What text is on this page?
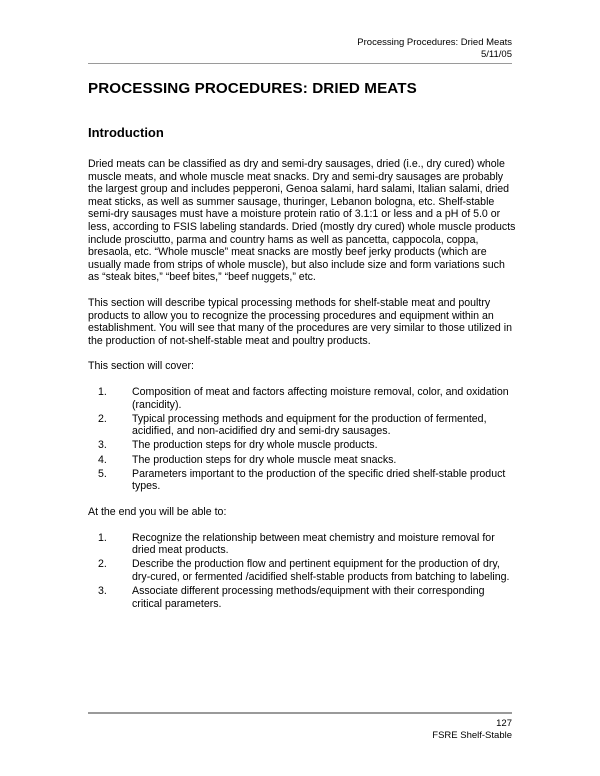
Processing Procedures: Dried Meats
5/11/05
PROCESSING PROCEDURES: DRIED MEATS
Introduction

Dried meats can be classified as dry and semi-dry sausages, dried (i.e., dry cured) whole muscle meats, and whole muscle meat snacks. Dry and semi-dry sausages are probably the largest group and includes pepperoni, Genoa salami, hard salami, Italian salami, dried meat sticks, as well as summer sausage, thuringer, Lebanon bologna, etc. Shelf-stable semi-dry sausages must have a moisture protein ratio of 3.1:1 or less and a pH of 5.0 or less, according to FSIS labeling standards. Dried (mostly dry cured) whole muscle products include prosciutto, parma and country hams as well as pancetta, cappocola, coppa, bresaola, etc. “Whole muscle” meat snacks are mostly beef jerky products (which are usually made from strips of whole muscle), but also include size and form variations such as “steak bites,” “beef bites,” “beef nuggets,” etc.

This section will describe typical processing methods for shelf-stable meat and poultry products to allow you to recognize the processing procedures and equipment within an establishment. You will see that many of the procedures are very similar to those utilized in the production of not-shelf-stable meat and poultry products.

This section will cover:

1. Composition of meat and factors affecting moisture removal, color, and oxidation (rancidity).
2. Typical processing methods and equipment for the production of fermented, acidified, and non-acidified dry and semi-dry sausages.
3. The production steps for dry whole muscle products.
4. The production steps for dry whole muscle meat snacks.
5. Parameters important to the production of the specific dried shelf-stable product types.

At the end you will be able to:

1. Recognize the relationship between meat chemistry and moisture removal for dried meat products.
2. Describe the production flow and pertinent equipment for the production of dry, dry-cured, or fermented /acidified shelf-stable products from batching to labeling.
3. Associate different processing methods/equipment with their corresponding critical parameters.
127
FSRE Shelf-Stable
